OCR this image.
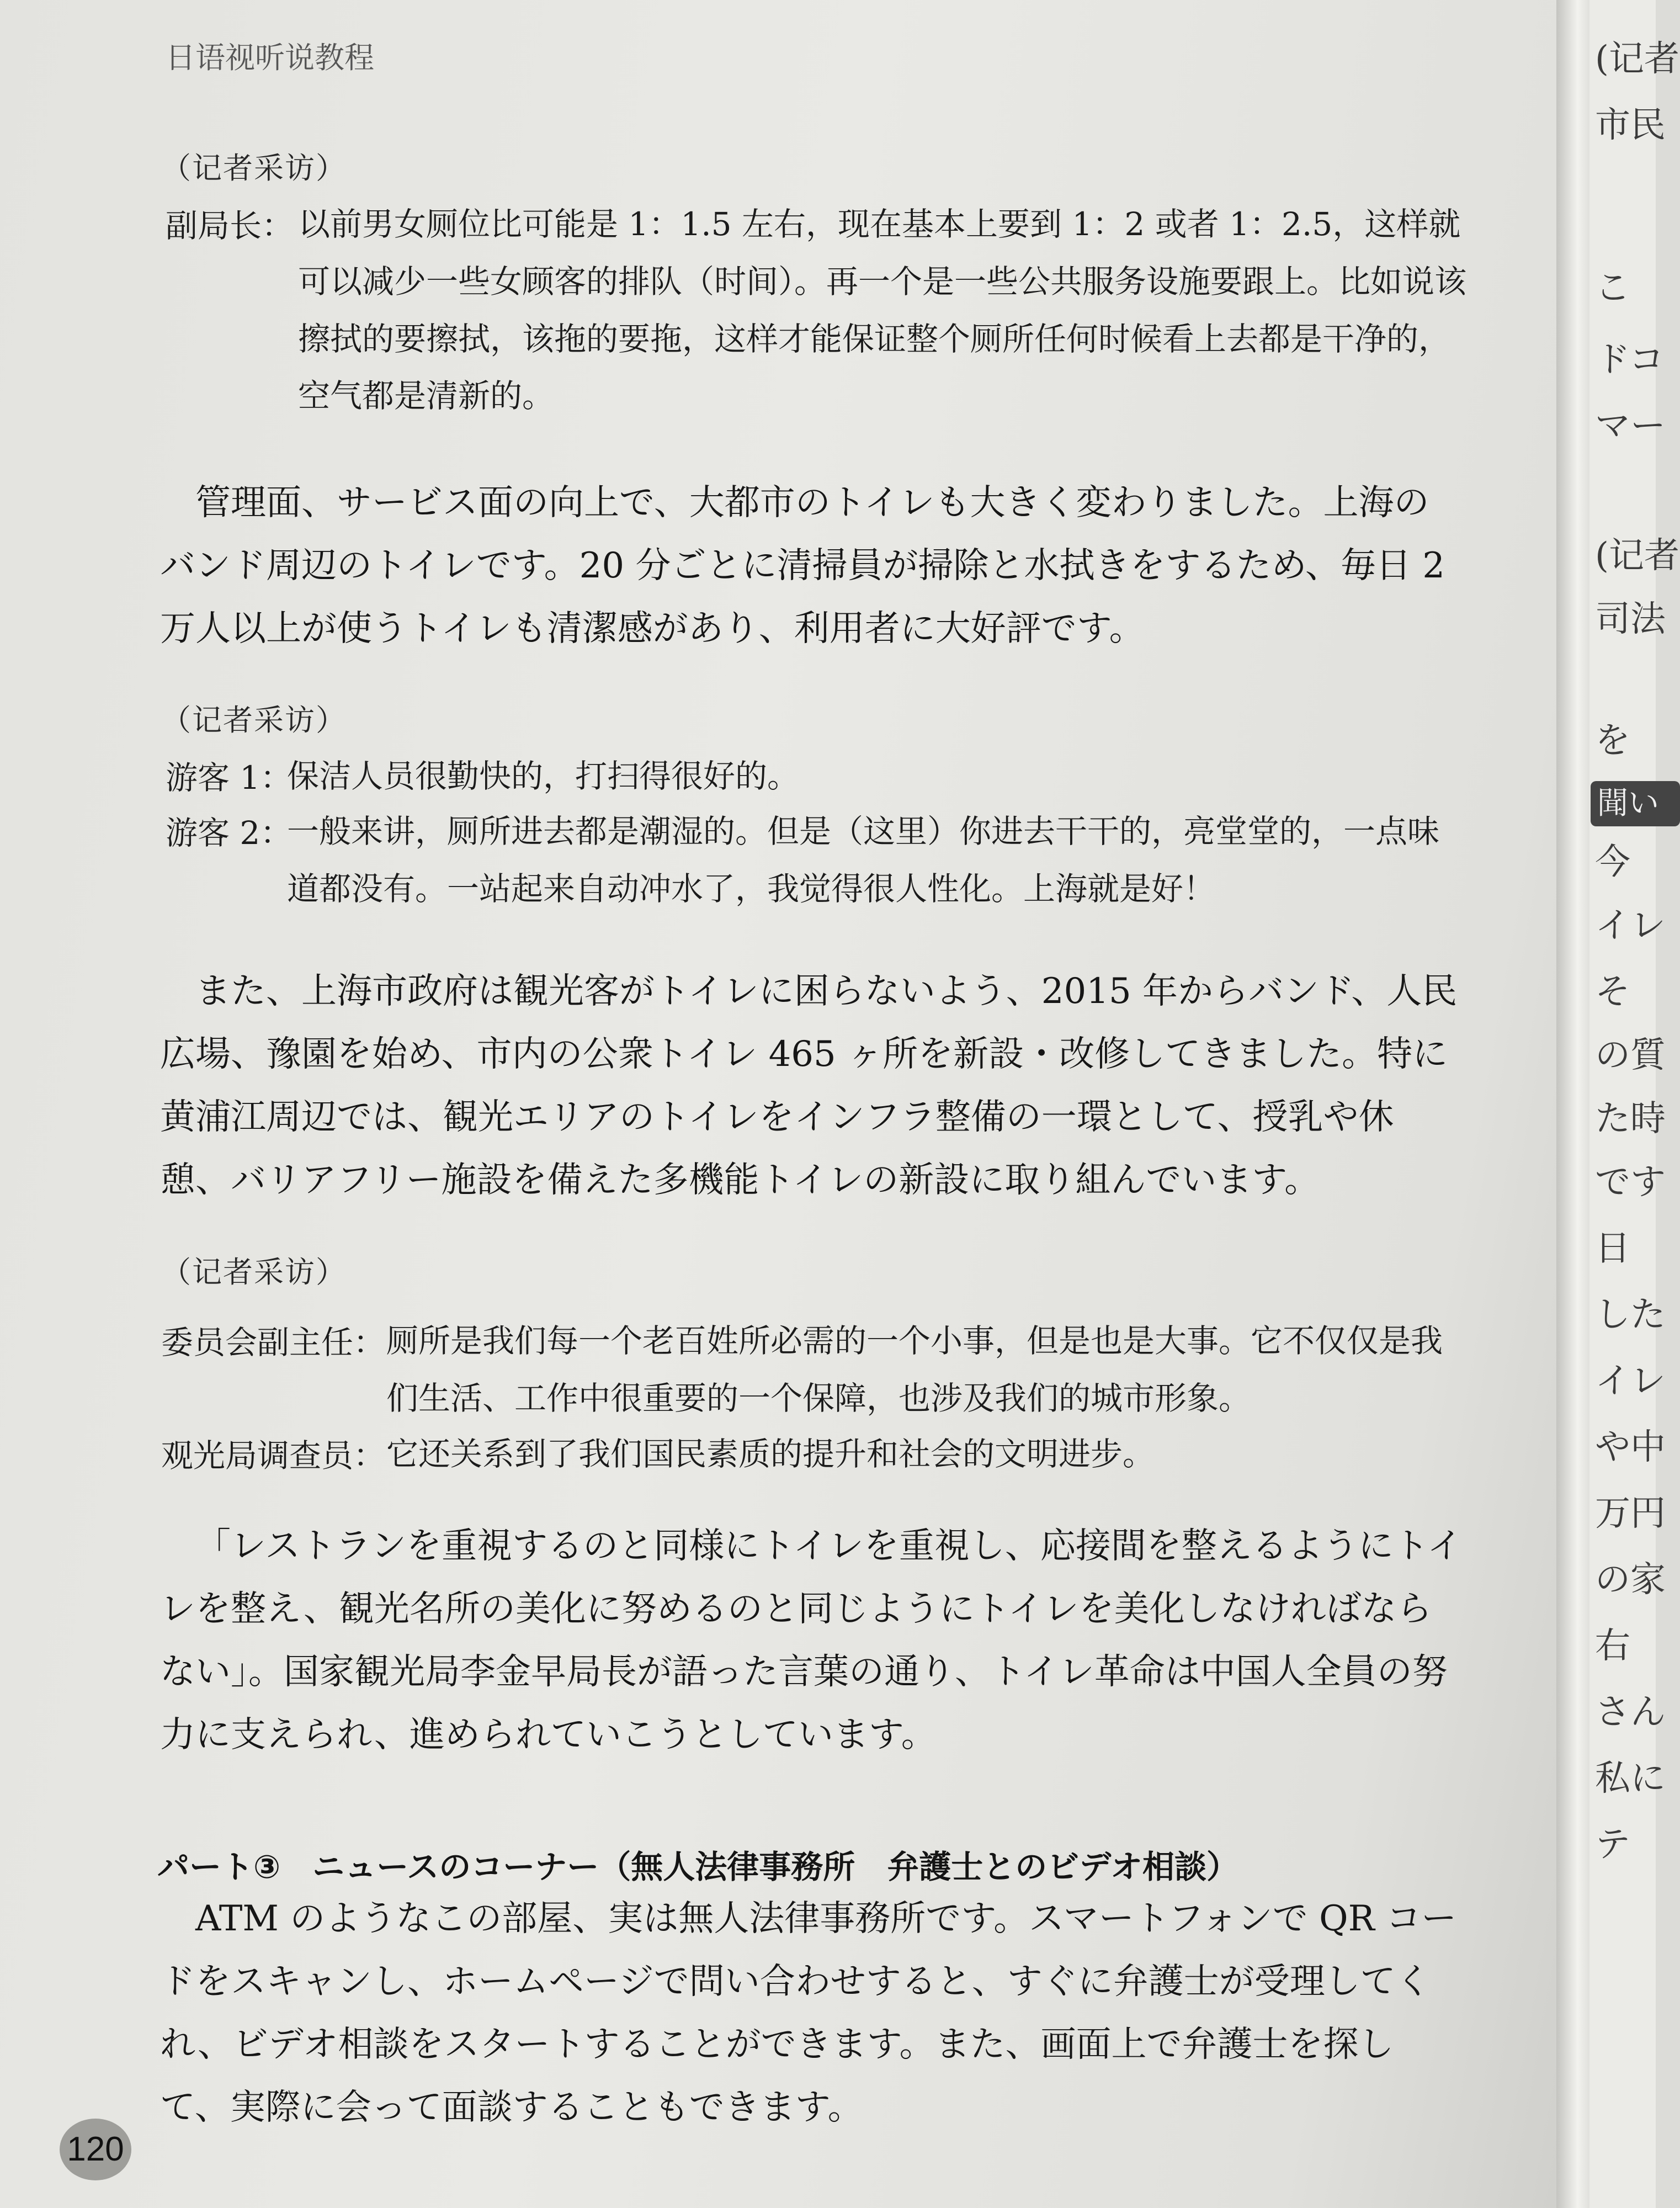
日语视听说教程
（记者采访）
副局长： 以前男女厕位比可能是 1：1.5 左右，现在基本上要到 1：2 或者 1：2.5，这样就可以减少一些女顾客的排队（时间）。再一个是一些公共服务设施要跟上。比如说该擦拭的要擦拭，该拖的要拖，这样才能保证整个厕所任何时候看上去都是干净的，空气都是清新的。
管理面、サービス面の向上で、大都市のトイレも大きく変わりました。上海のバンド周辺のトイレです。20 分ごとに清掃員が掃除と水拭きをするため、毎日 2 万人以上が使うトイレも清潔感があり、利用者に大好評です。
（记者采访）
游客 1：
保洁人员很勤快的，打扫得很好的。
游客 2：
一般来讲，厕所进去都是潮湿的。但是（这里）你进去干干的，亮堂堂的，一点味道都没有。一站起来自动冲水了，我觉得很人性化。上海就是好！
また、上海市政府は観光客がトイレに困らないよう、2015 年からバンド、人民広場、豫園を始め、市内の公衆トイレ 465 ヶ所を新設・改修してきました。特に黄浦江周辺では、観光エリアのトイレをインフラ整備の一環として、授乳や休憩、バリアフリー施設を備えた多機能トイレの新設に取り組んでいます。
（记者采访）
委员会副主任： 厕所是我们每一个老百姓所必需的一个小事，但是也是大事。它不仅仅是我们生活、工作中很重要的一个保障，也涉及我们的城市形象。
观光局调查员： 它还关系到了我们国民素质的提升和社会的文明进步。
「レストランを重視するのと同様にトイレを重視し、応接間を整えるようにトイレを整え、観光名所の美化に努めるのと同じようにトイレを美化しなければならない」。国家観光局李金早局長が語った言葉の通り、トイレ革命は中国人全員の努力に支えられ、進められていこうとしています。
パート③　ニュースのコーナー（無人法律事務所　弁護士とのビデオ相談）
ATM のようなこの部屋、実は無人法律事務所です。スマートフォンで QR コードをスキャンし、ホームページで問い合わせすると、すぐに弁護士が受理してくれ、ビデオ相談をスタートすることができます。また、画面上で弁護士を探して、実際に会って面談することもできます。
120
(记者
市民
こ
ドコ
マー
(记者
司法
を
聞い
今
イレ
そ
の質
た時
です
日
した
イレ
や中
万円
の家
右
さん
私に
テ
